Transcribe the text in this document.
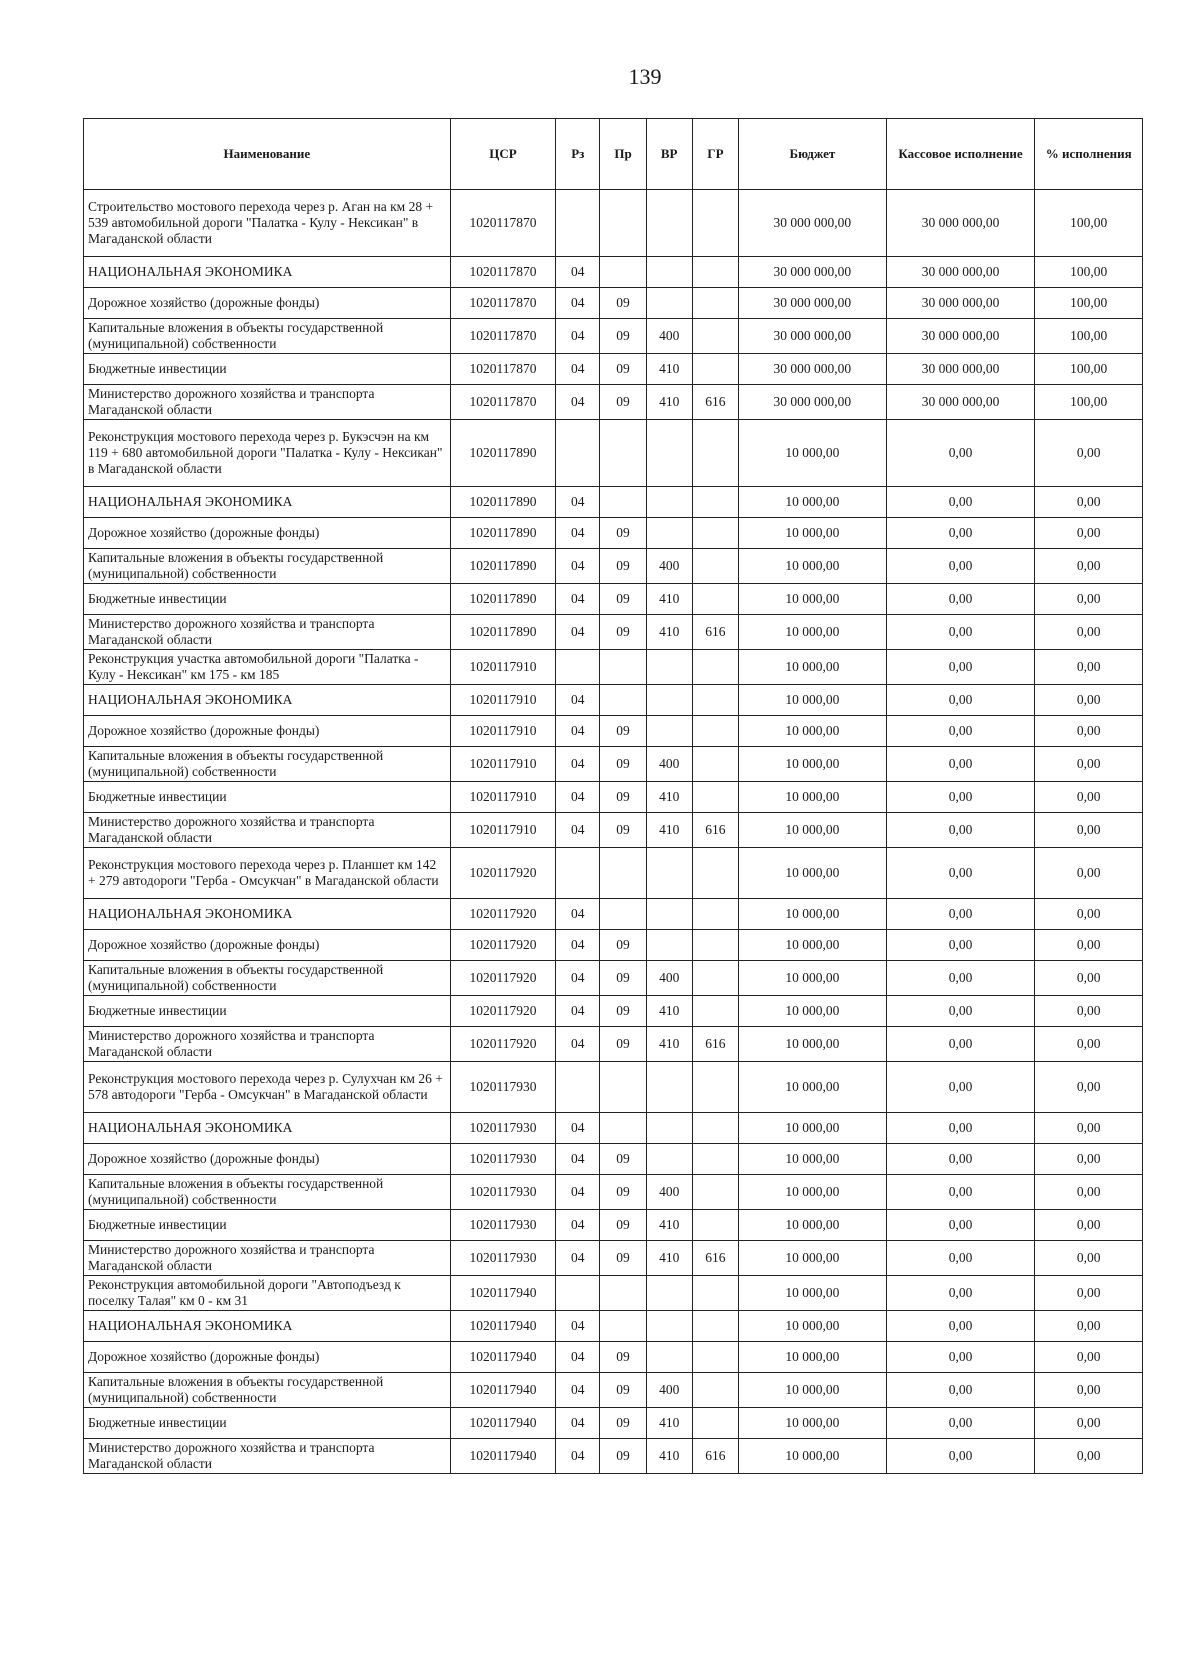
139
Наименование	ЦСР	Рз	Пр	ВР	ГР	Бюджет	Кассовое исполнение	% исполнения
Строительство мостового перехода через р. Аган на км 28 + 539 автомобильной дороги "Палатка - Кулу - Нексикан" в Магаданской области	1020117870					30 000 000,00	30 000 000,00	100,00
НАЦИОНАЛЬНАЯ ЭКОНОМИКА	1020117870	04				30 000 000,00	30 000 000,00	100,00
Дорожное хозяйство (дорожные фонды)	1020117870	04	09			30 000 000,00	30 000 000,00	100,00
Капитальные вложения в объекты государственной (муниципальной) собственности	1020117870	04	09	400		30 000 000,00	30 000 000,00	100,00
Бюджетные инвестиции	1020117870	04	09	410		30 000 000,00	30 000 000,00	100,00
Министерство дорожного хозяйства и транспорта Магаданской области	1020117870	04	09	410	616	30 000 000,00	30 000 000,00	100,00
Реконструкция мостового перехода через р. Букэсчэн на км 119 + 680 автомобильной дороги "Палатка - Кулу - Нексикан" в Магаданской области	1020117890					10 000,00	0,00	0,00
НАЦИОНАЛЬНАЯ ЭКОНОМИКА	1020117890	04				10 000,00	0,00	0,00
Дорожное хозяйство (дорожные фонды)	1020117890	04	09			10 000,00	0,00	0,00
Капитальные вложения в объекты государственной (муниципальной) собственности	1020117890	04	09	400		10 000,00	0,00	0,00
Бюджетные инвестиции	1020117890	04	09	410		10 000,00	0,00	0,00
Министерство дорожного хозяйства и транспорта Магаданской области	1020117890	04	09	410	616	10 000,00	0,00	0,00
Реконструкция участка автомобильной дороги "Палатка - Кулу - Нексикан" км 175 - км 185	1020117910					10 000,00	0,00	0,00
НАЦИОНАЛЬНАЯ ЭКОНОМИКА	1020117910	04				10 000,00	0,00	0,00
Дорожное хозяйство (дорожные фонды)	1020117910	04	09			10 000,00	0,00	0,00
Капитальные вложения в объекты государственной (муниципальной) собственности	1020117910	04	09	400		10 000,00	0,00	0,00
Бюджетные инвестиции	1020117910	04	09	410		10 000,00	0,00	0,00
Министерство дорожного хозяйства и транспорта Магаданской области	1020117910	04	09	410	616	10 000,00	0,00	0,00
Реконструкция мостового перехода через р. Планшет км 142 + 279 автодороги "Герба - Омсукчан" в Магаданской области	1020117920					10 000,00	0,00	0,00
НАЦИОНАЛЬНАЯ ЭКОНОМИКА	1020117920	04				10 000,00	0,00	0,00
Дорожное хозяйство (дорожные фонды)	1020117920	04	09			10 000,00	0,00	0,00
Капитальные вложения в объекты государственной (муниципальной) собственности	1020117920	04	09	400		10 000,00	0,00	0,00
Бюджетные инвестиции	1020117920	04	09	410		10 000,00	0,00	0,00
Министерство дорожного хозяйства и транспорта Магаданской области	1020117920	04	09	410	616	10 000,00	0,00	0,00
Реконструкция мостового перехода через р. Сулухчан км 26 + 578 автодороги "Герба - Омсукчан" в Магаданской области	1020117930					10 000,00	0,00	0,00
НАЦИОНАЛЬНАЯ ЭКОНОМИКА	1020117930	04				10 000,00	0,00	0,00
Дорожное хозяйство (дорожные фонды)	1020117930	04	09			10 000,00	0,00	0,00
Капитальные вложения в объекты государственной (муниципальной) собственности	1020117930	04	09	400		10 000,00	0,00	0,00
Бюджетные инвестиции	1020117930	04	09	410		10 000,00	0,00	0,00
Министерство дорожного хозяйства и транспорта Магаданской области	1020117930	04	09	410	616	10 000,00	0,00	0,00
Реконструкция автомобильной дороги "Автоподъезд к поселку Талая" км 0 - км 31	1020117940					10 000,00	0,00	0,00
НАЦИОНАЛЬНАЯ ЭКОНОМИКА	1020117940	04				10 000,00	0,00	0,00
Дорожное хозяйство (дорожные фонды)	1020117940	04	09			10 000,00	0,00	0,00
Капитальные вложения в объекты государственной (муниципальной) собственности	1020117940	04	09	400		10 000,00	0,00	0,00
Бюджетные инвестиции	1020117940	04	09	410		10 000,00	0,00	0,00
Министерство дорожного хозяйства и транспорта Магаданской области	1020117940	04	09	410	616	10 000,00	0,00	0,00
